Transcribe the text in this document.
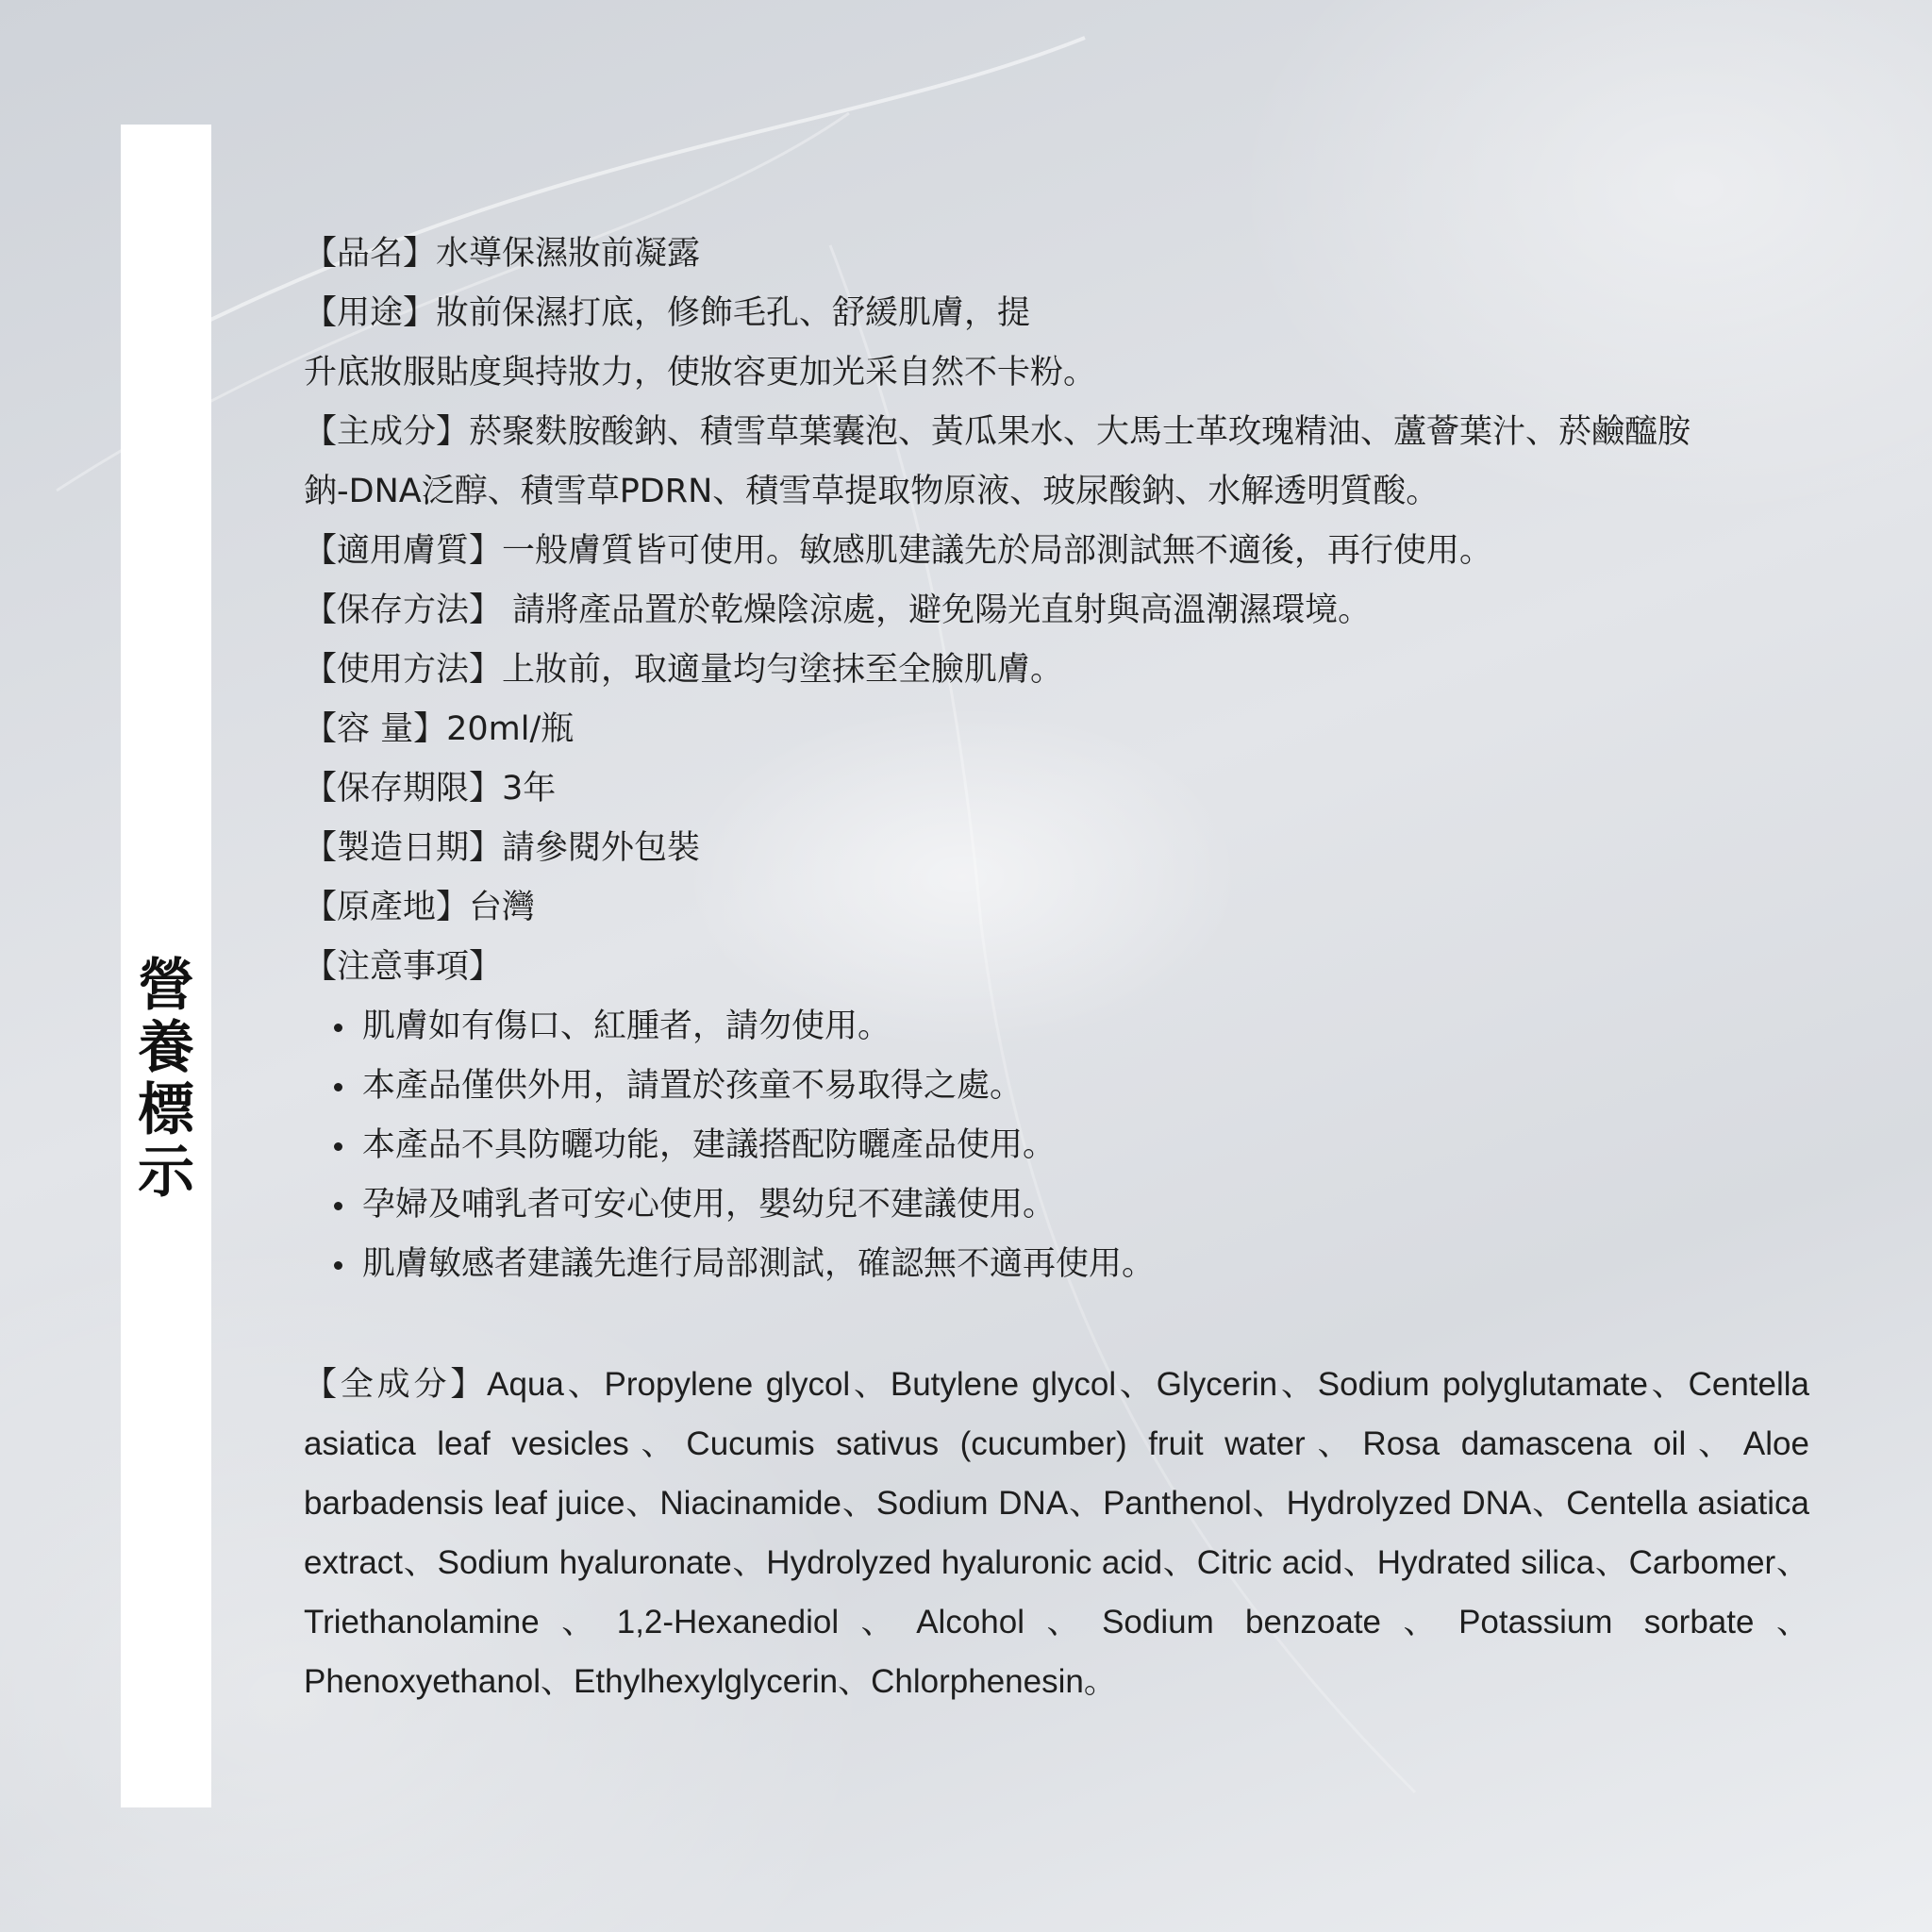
營
養
標
示
【品名】水導保濕妝前凝露
【用途】妝前保濕打底，修飾毛孔、舒緩肌膚，提
升底妝服貼度與持妝力，使妝容更加光采自然不卡粉。
【主成分】菸聚麩胺酸鈉、積雪草葉囊泡、黃瓜果水、大馬士革玫瑰精油、蘆薈葉汁、菸鹼醯胺
鈉-DNA泛醇、積雪草PDRN、積雪草提取物原液、玻尿酸鈉、水解透明質酸。
【適用膚質】一般膚質皆可使用。敏感肌建議先於局部測試無不適後，再行使用。
【保存方法】 請將產品置於乾燥陰涼處，避免陽光直射與高溫潮濕環境。
【使用方法】上妝前，取適量均勻塗抹至全臉肌膚。
【容 量】20ml/瓶
【保存期限】3年
【製造日期】請參閱外包裝
【原產地】台灣
【注意事項】
肌膚如有傷口、紅腫者，請勿使用。
本產品僅供外用，請置於孩童不易取得之處。
本產品不具防曬功能，建議搭配防曬產品使用。
孕婦及哺乳者可安心使用，嬰幼兒不建議使用。
肌膚敏感者建議先進行局部測試，確認無不適再使用。
【全成分】Aqua、Propylene glycol、Butylene glycol、Glycerin、Sodium polyglutamate、Centella asiatica leaf vesicles、Cucumis sativus (cucumber) fruit water、Rosa damascena oil、Aloe barbadensis leaf juice、Niacinamide、Sodium DNA、Panthenol、Hydrolyzed DNA、Centella asiatica extract、Sodium hyaluronate、Hydrolyzed hyaluronic acid、Citric acid、Hydrated silica、Carbomer、Triethanolamine、1,2-Hexanediol、Alcohol、Sodium benzoate、Potassium sorbate、Phenoxyethanol、Ethylhexylglycerin、Chlorphenesin。
